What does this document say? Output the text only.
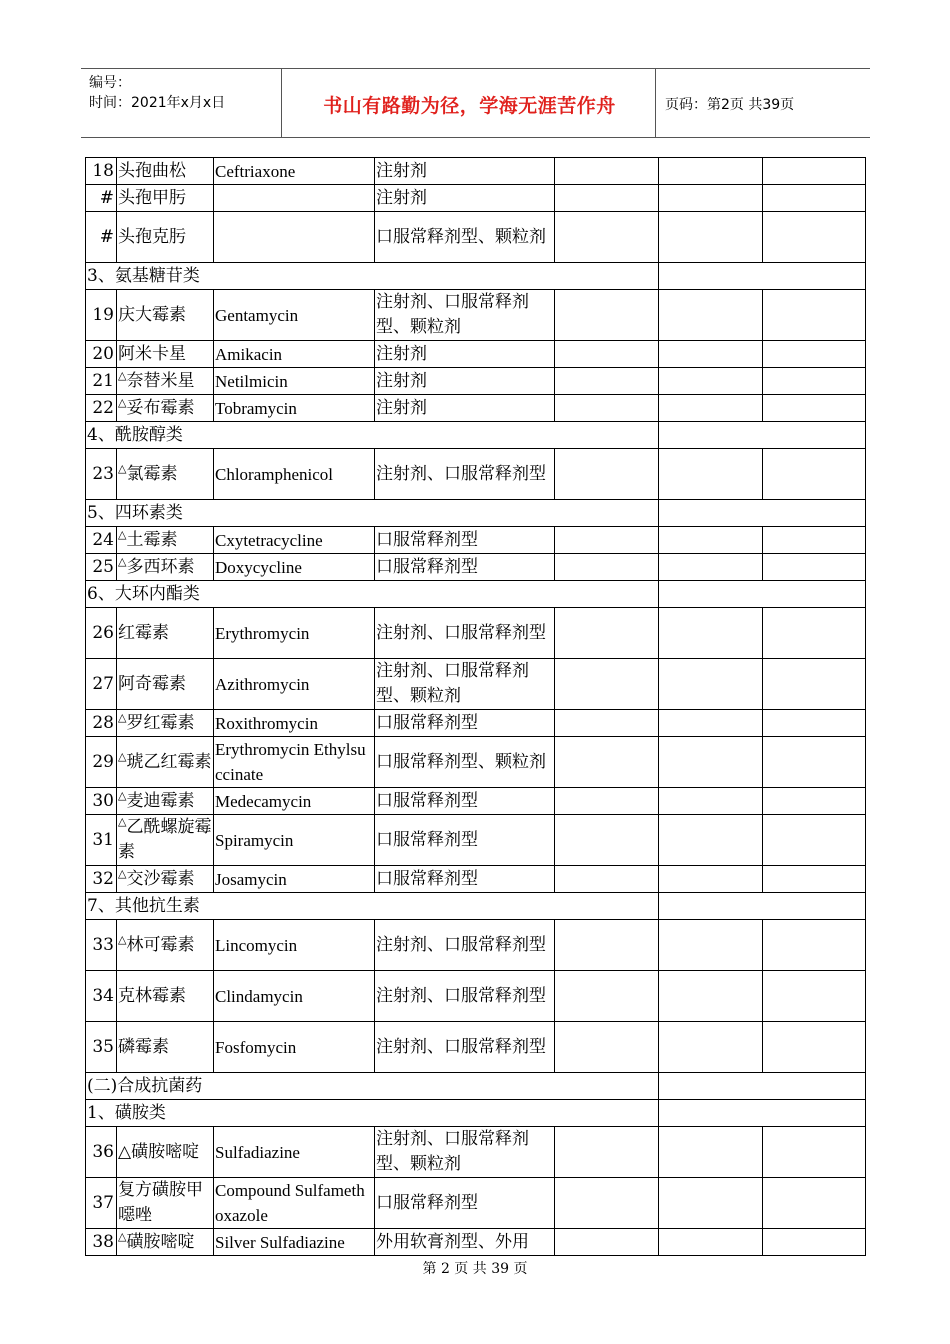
编号：
时间：2021年x月x日	书山有路勤为径，学海无涯苦作舟	页码：第2页 共39页
18	头孢曲松	Ceftriaxone	注射剂			
#	头孢甲肟		注射剂			
#	头孢克肟		口服常释剂型、颗粒剂			
3、氨基糖苷类						
19	庆大霉素	Gentamycin	注射剂、口服常释剂型、颗粒剂			
20	阿米卡星	Amikacin	注射剂			
21	△奈替米星	Netilmicin	注射剂			
22	△妥布霉素	Tobramycin	注射剂			
4、酰胺醇类						
23	△氯霉素	Chloramphenicol	注射剂、口服常释剂型			
5、四环素类						
24	△土霉素	Cxytetracycline	口服常释剂型			
25	△多西环素	Doxycycline	口服常释剂型			
6、大环内酯类						
26	红霉素	Erythromycin	注射剂、口服常释剂型			
27	阿奇霉素	Azithromycin	注射剂、口服常释剂型、颗粒剂			
28	△罗红霉素	Roxithromycin	口服常释剂型			
29	△琥乙红霉素	Erythromycin Ethylsuccinate	口服常释剂型、颗粒剂			
30	△麦迪霉素	Medecamycin	口服常释剂型			
31	△乙酰螺旋霉素	Spiramycin	口服常释剂型			
32	△交沙霉素	Josamycin	口服常释剂型			
7、其他抗生素						
33	△林可霉素	Lincomycin	注射剂、口服常释剂型			
34	克林霉素	Clindamycin	注射剂、口服常释剂型			
35	磷霉素	Fosfomycin	注射剂、口服常释剂型			
(二)合成抗菌药						
1、磺胺类						
36	△磺胺嘧啶	Sulfadiazine	注射剂、口服常释剂型、颗粒剂			
37	复方磺胺甲噁唑	Compound Sulfamethoxazole	口服常释剂型			
38	△磺胺嘧啶	Silver Sulfadiazine	外用软膏剂型、外用			
第 2 页 共 39 页
